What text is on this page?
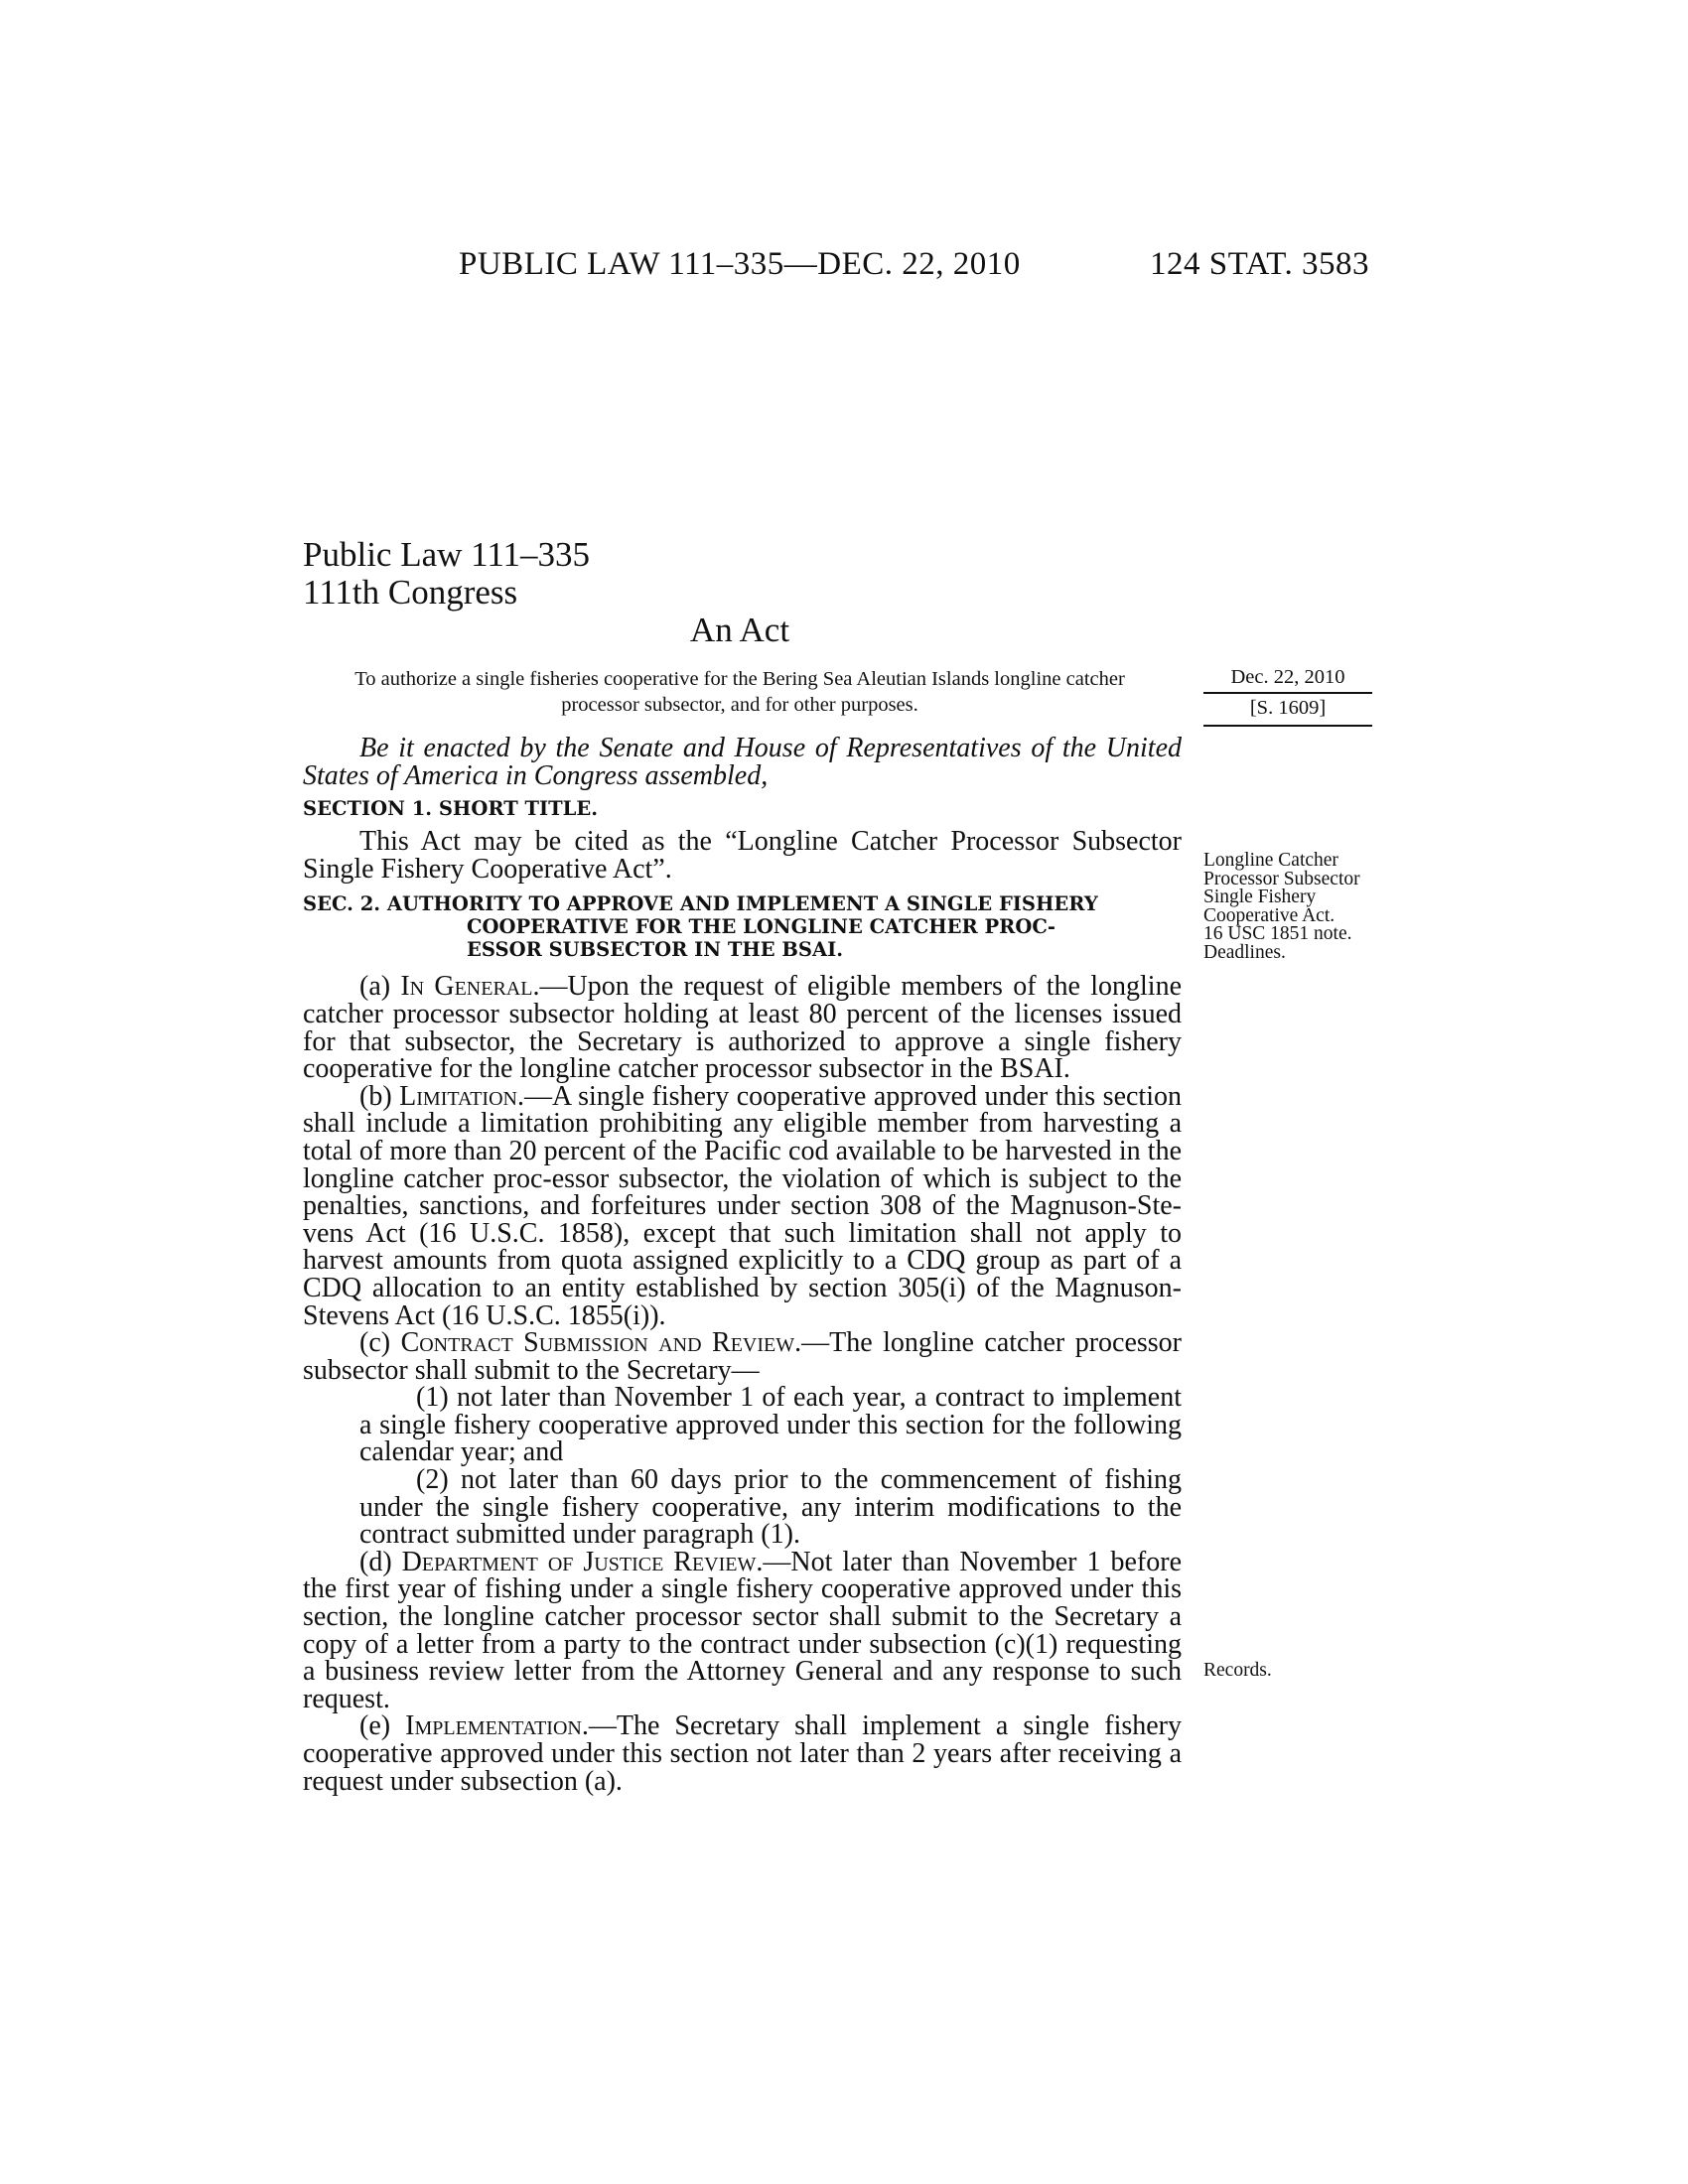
PUBLIC LAW 111–335—DEC. 22, 2010	124 STAT. 3583
Public Law 111–335
111th Congress
An Act
To authorize a single fisheries cooperative for the Bering Sea Aleutian Islands longline catcher processor subsector, and for other purposes.
Dec. 22, 2010
[S. 1609]
Longline Catcher Processor Subsector Single Fishery Cooperative Act.
16 USC 1851 note.
Deadlines.
Records.

Be it enacted by the Senate and House of Representatives of the United States of America in Congress assembled,

SECTION 1. SHORT TITLE.

This Act may be cited as the “Longline Catcher Processor Subsector Single Fishery Cooperative Act”.

SEC. 2. AUTHORITY TO APPROVE AND IMPLEMENT A SINGLE FISHERY
COOPERATIVE FOR THE LONGLINE CATCHER PROC-
ESSOR SUBSECTOR IN THE BSAI.

(a) In General.—Upon the request of eligible members of the longline catcher processor subsector holding at least 80 percent of the licenses issued for that subsector, the Secretary is authorized to approve a single fishery cooperative for the longline catcher processor subsector in the BSAI.

(b) Limitation.—A single fishery cooperative approved under this section shall include a limitation prohibiting any eligible member from harvesting a total of more than 20 percent of the Pacific cod available to be harvested in the longline catcher proc-essor subsector, the violation of which is subject to the penalties, sanctions, and forfeitures under section 308 of the Magnuson-Ste-vens Act (16 U.S.C. 1858), except that such limitation shall not apply to harvest amounts from quota assigned explicitly to a CDQ group as part of a CDQ allocation to an entity established by section 305(i) of the Magnuson-Stevens Act (16 U.S.C. 1855(i)).

(c) Contract Submission and Review.—The longline catcher processor subsector shall submit to the Secretary—

(1) not later than November 1 of each year, a contract to implement a single fishery cooperative approved under this section for the following calendar year; and

(2) not later than 60 days prior to the commencement of fishing under the single fishery cooperative, any interim modifications to the contract submitted under paragraph (1).

(d) Department of Justice Review.—Not later than November 1 before the first year of fishing under a single fishery cooperative approved under this section, the longline catcher processor sector shall submit to the Secretary a copy of a letter from a party to the contract under subsection (c)(1) requesting a business review letter from the Attorney General and any response to such request.

(e) Implementation.—The Secretary shall implement a single fishery cooperative approved under this section not later than 2 years after receiving a request under subsection (a).
